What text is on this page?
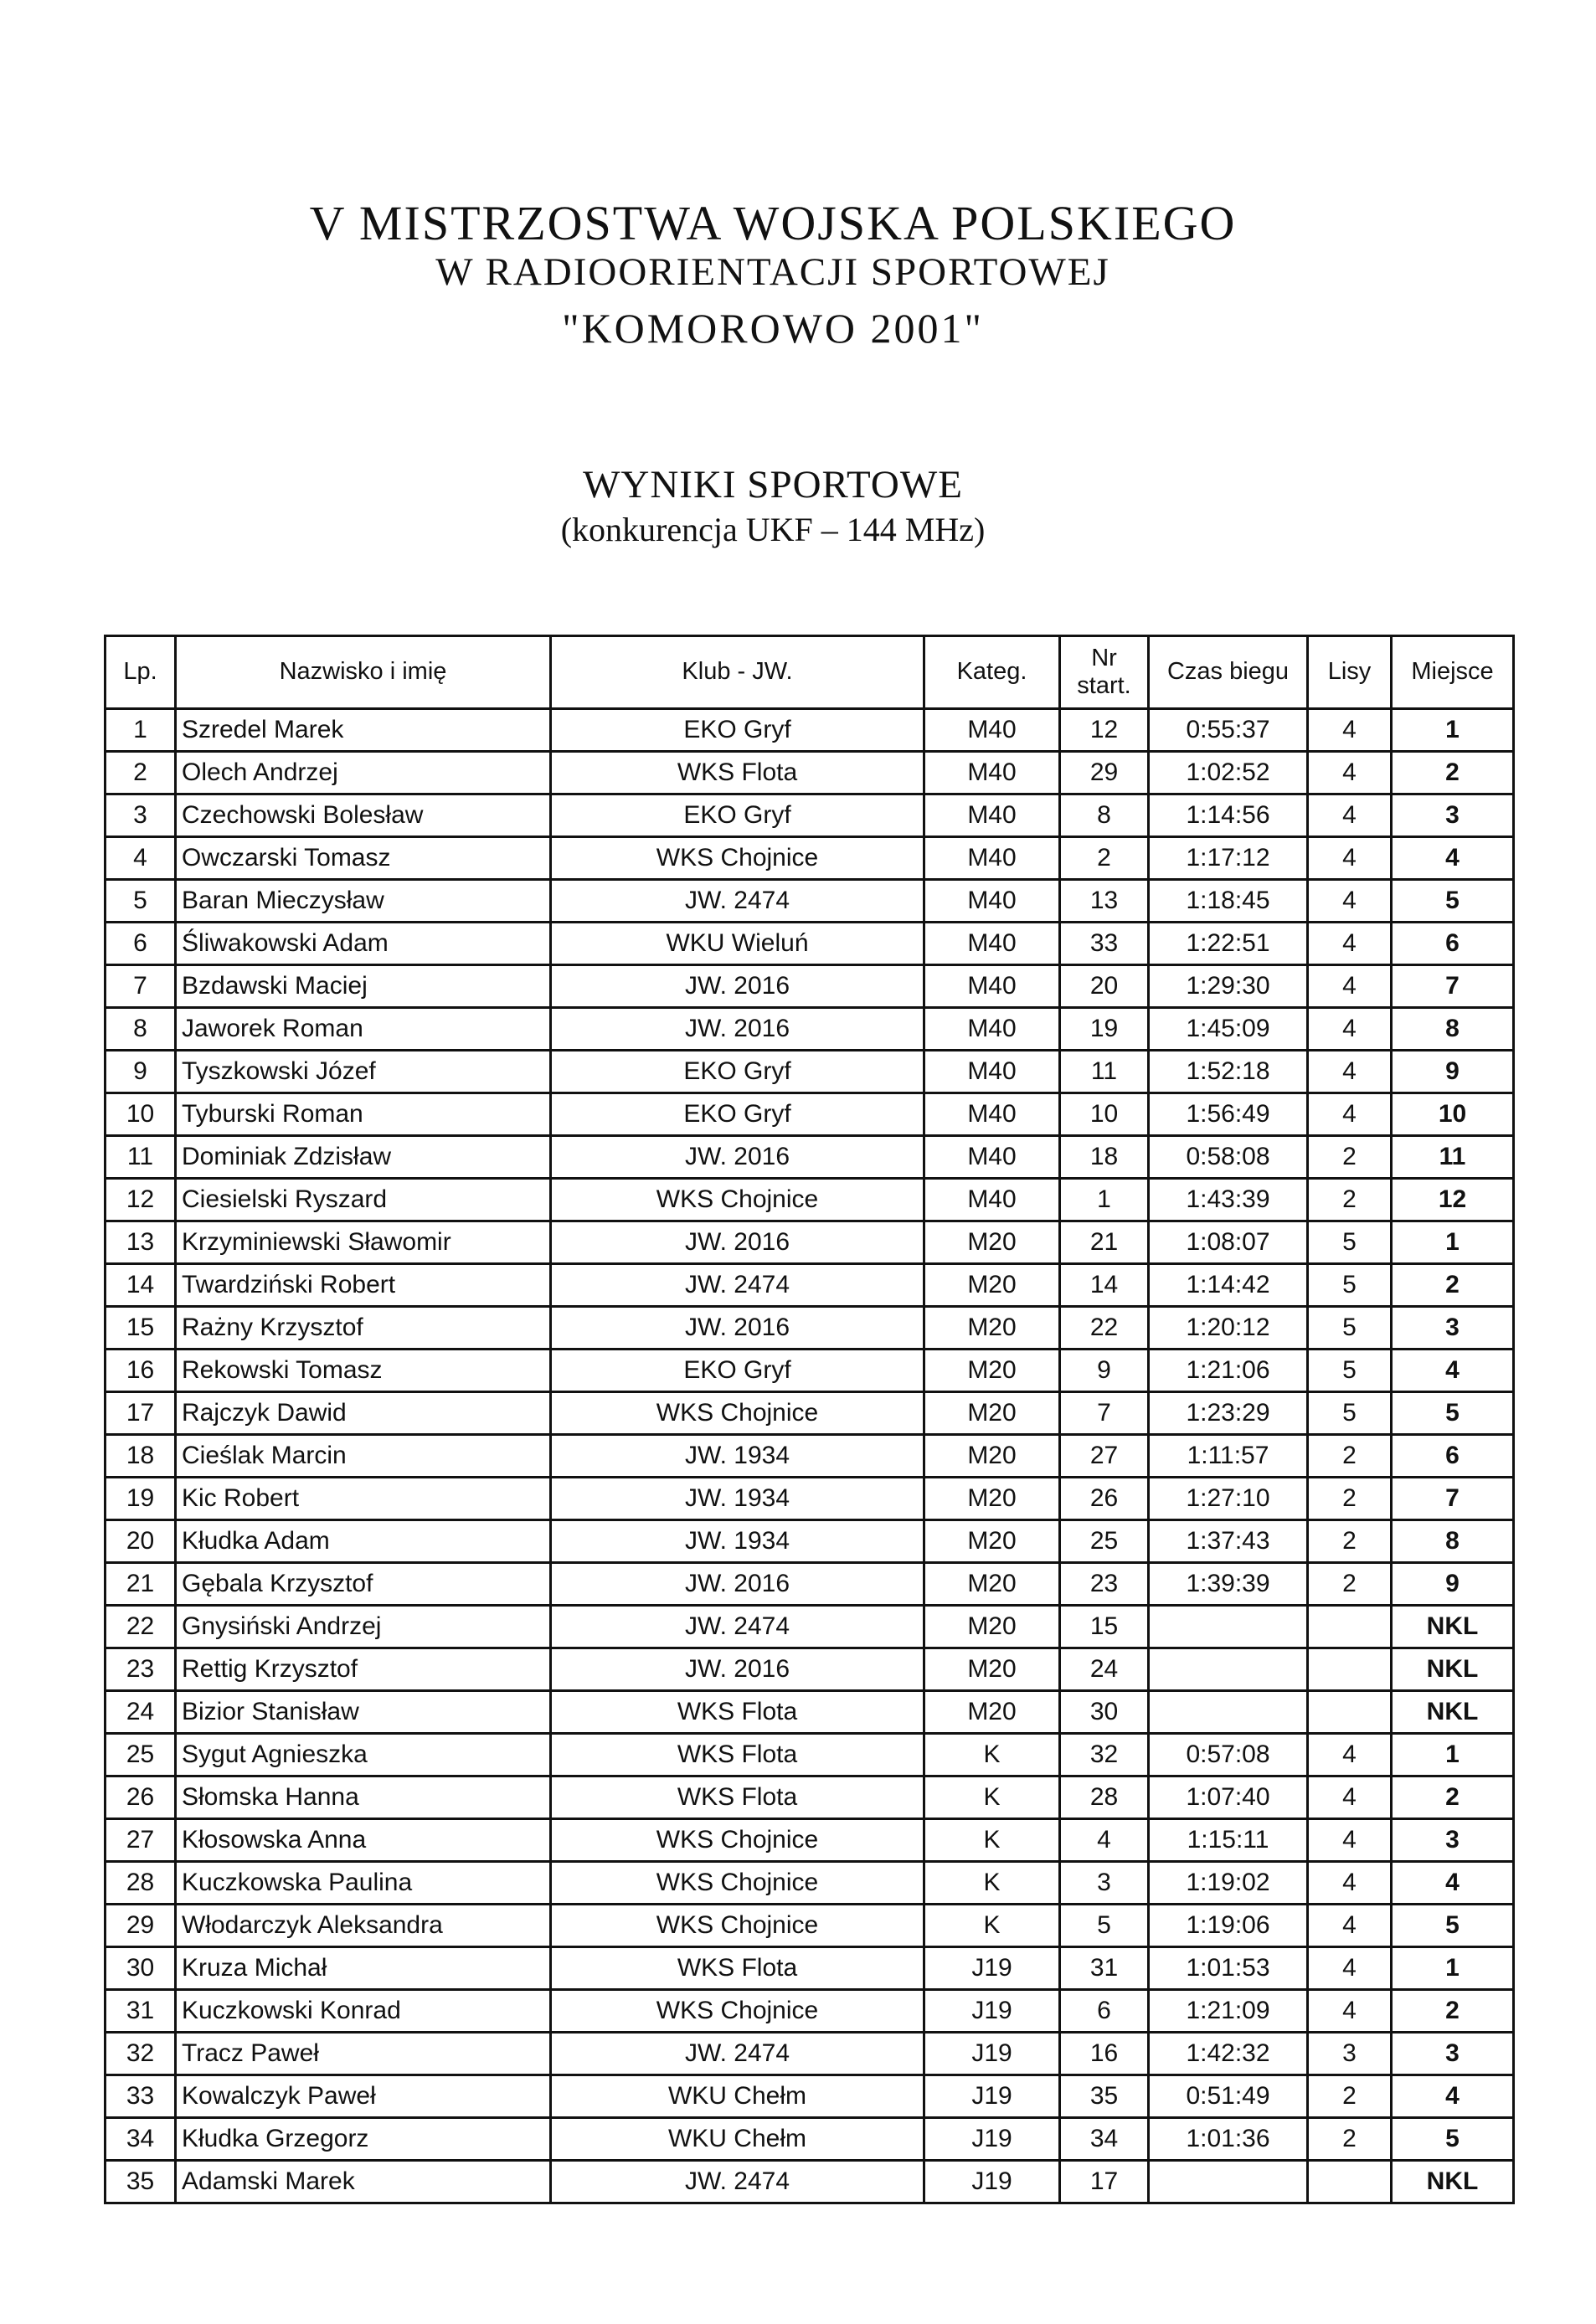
V MISTRZOSTWA WOJSKA POLSKIEGO
W RADIOORIENTACJI SPORTOWEJ
"KOMOROWO 2001"
WYNIKI SPORTOWE
(konkurencja UKF – 144 MHz)
Lp.	Nazwisko i imię	Klub - JW.	Kateg.	Nr start.	Czas biegu	Lisy	Miejsce
1	Szredel Marek	EKO Gryf	M40	12	0:55:37	4	1
2	Olech Andrzej	WKS Flota	M40	29	1:02:52	4	2
3	Czechowski Bolesław	EKO Gryf	M40	8	1:14:56	4	3
4	Owczarski Tomasz	WKS Chojnice	M40	2	1:17:12	4	4
5	Baran Mieczysław	JW. 2474	M40	13	1:18:45	4	5
6	Śliwakowski Adam	WKU Wieluń	M40	33	1:22:51	4	6
7	Bzdawski Maciej	JW. 2016	M40	20	1:29:30	4	7
8	Jaworek Roman	JW. 2016	M40	19	1:45:09	4	8
9	Tyszkowski Józef	EKO Gryf	M40	11	1:52:18	4	9
10	Tyburski Roman	EKO Gryf	M40	10	1:56:49	4	10
11	Dominiak Zdzisław	JW. 2016	M40	18	0:58:08	2	11
12	Ciesielski Ryszard	WKS Chojnice	M40	1	1:43:39	2	12
13	Krzyminiewski Sławomir	JW. 2016	M20	21	1:08:07	5	1
14	Twardziński Robert	JW. 2474	M20	14	1:14:42	5	2
15	Rażny Krzysztof	JW. 2016	M20	22	1:20:12	5	3
16	Rekowski Tomasz	EKO Gryf	M20	9	1:21:06	5	4
17	Rajczyk Dawid	WKS Chojnice	M20	7	1:23:29	5	5
18	Cieślak Marcin	JW. 1934	M20	27	1:11:57	2	6
19	Kic Robert	JW. 1934	M20	26	1:27:10	2	7
20	Kłudka Adam	JW. 1934	M20	25	1:37:43	2	8
21	Gębala Krzysztof	JW. 2016	M20	23	1:39:39	2	9
22	Gnysiński Andrzej	JW. 2474	M20	15			NKL
23	Rettig Krzysztof	JW. 2016	M20	24			NKL
24	Bizior Stanisław	WKS Flota	M20	30			NKL
25	Sygut Agnieszka	WKS Flota	K	32	0:57:08	4	1
26	Słomska Hanna	WKS Flota	K	28	1:07:40	4	2
27	Kłosowska Anna	WKS Chojnice	K	4	1:15:11	4	3
28	Kuczkowska Paulina	WKS Chojnice	K	3	1:19:02	4	4
29	Włodarczyk Aleksandra	WKS Chojnice	K	5	1:19:06	4	5
30	Kruza Michał	WKS Flota	J19	31	1:01:53	4	1
31	Kuczkowski Konrad	WKS Chojnice	J19	6	1:21:09	4	2
32	Tracz Paweł	JW. 2474	J19	16	1:42:32	3	3
33	Kowalczyk Paweł	WKU Chełm	J19	35	0:51:49	2	4
34	Kłudka Grzegorz	WKU Chełm	J19	34	1:01:36	2	5
35	Adamski Marek	JW. 2474	J19	17			NKL
